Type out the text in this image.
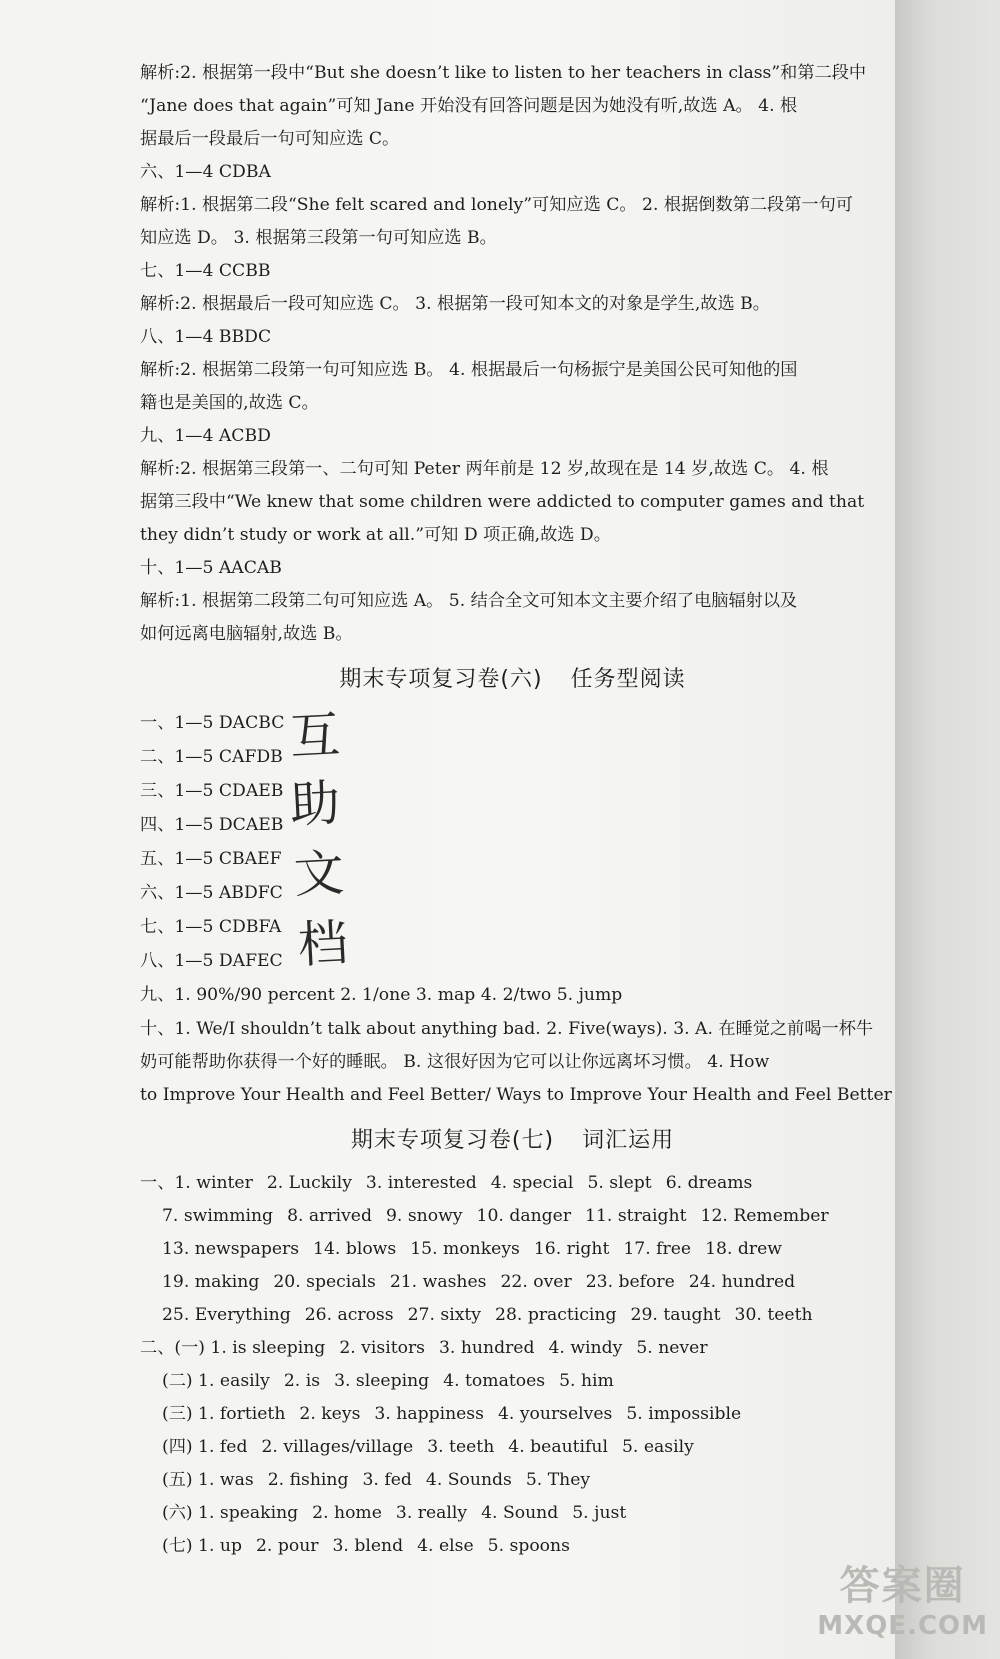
解析:2. 根据第一段中“But she doesn’t like to listen to her teachers in class”和第二段中
“Jane does that again”可知 Jane 开始没有回答问题是因为她没有听,故选 A。 4. 根
据最后一段最后一句可知应选 C。
六、1—4 CDBA
解析:1. 根据第二段“She felt scared and lonely”可知应选 C。 2. 根据倒数第二段第一句可
知应选 D。 3. 根据第三段第一句可知应选 B。
七、1—4 CCBB
解析:2. 根据最后一段可知应选 C。 3. 根据第一段可知本文的对象是学生,故选 B。
八、1—4 BBDC
解析:2. 根据第二段第一句可知应选 B。 4. 根据最后一句杨振宁是美国公民可知他的国
籍也是美国的,故选 C。
九、1—4 ACBD
解析:2. 根据第三段第一、二句可知 Peter 两年前是 12 岁,故现在是 14 岁,故选 C。 4. 根
据第三段中“We knew that some children were addicted to computer games and that
they didn’t study or work at all.”可知 D 项正确,故选 D。
十、1—5 AACAB
解析:1. 根据第二段第二句可知应选 A。 5. 结合全文可知本文主要介绍了电脑辐射以及
如何远离电脑辐射,故选 B。
期末专项复习卷(六) 任务型阅读
一、1—5 DACBC
二、1—5 CAFDB
三、1—5 CDAEB
四、1—5 DCAEB
五、1—5 CBAEF
六、1—5 ABDFC
七、1—5 CDBFA
八、1—5 DAFEC
九、1. 90%/90 percent 2. 1/one 3. map 4. 2/two 5. jump
十、1. We/I shouldn’t talk about anything bad. 2. Five(ways). 3. A. 在睡觉之前喝一杯牛
奶可能帮助你获得一个好的睡眠。 B. 这很好因为它可以让你远离坏习惯。 4. How
to Improve Your Health and Feel Better/ Ways to Improve Your Health and Feel Better
互
助
文
档
期末专项复习卷(七) 词汇运用
一、1. winter 2. Luckily 3. interested 4. special 5. slept 6. dreams
7. swimming 8. arrived 9. snowy 10. danger 11. straight 12. Remember
13. newspapers 14. blows 15. monkeys 16. right 17. free 18. drew
19. making 20. specials 21. washes 22. over 23. before 24. hundred
25. Everything 26. across 27. sixty 28. practicing 29. taught 30. teeth
二、(一) 1. is sleeping 2. visitors 3. hundred 4. windy 5. never
(二) 1. easily 2. is 3. sleeping 4. tomatoes 5. him
(三) 1. fortieth 2. keys 3. happiness 4. yourselves 5. impossible
(四) 1. fed 2. villages/village 3. teeth 4. beautiful 5. easily
(五) 1. was 2. fishing 3. fed 4. Sounds 5. They
(六) 1. speaking 2. home 3. really 4. Sound 5. just
(七) 1. up 2. pour 3. blend 4. else 5. spoons
答案圈
MXQE.COM
